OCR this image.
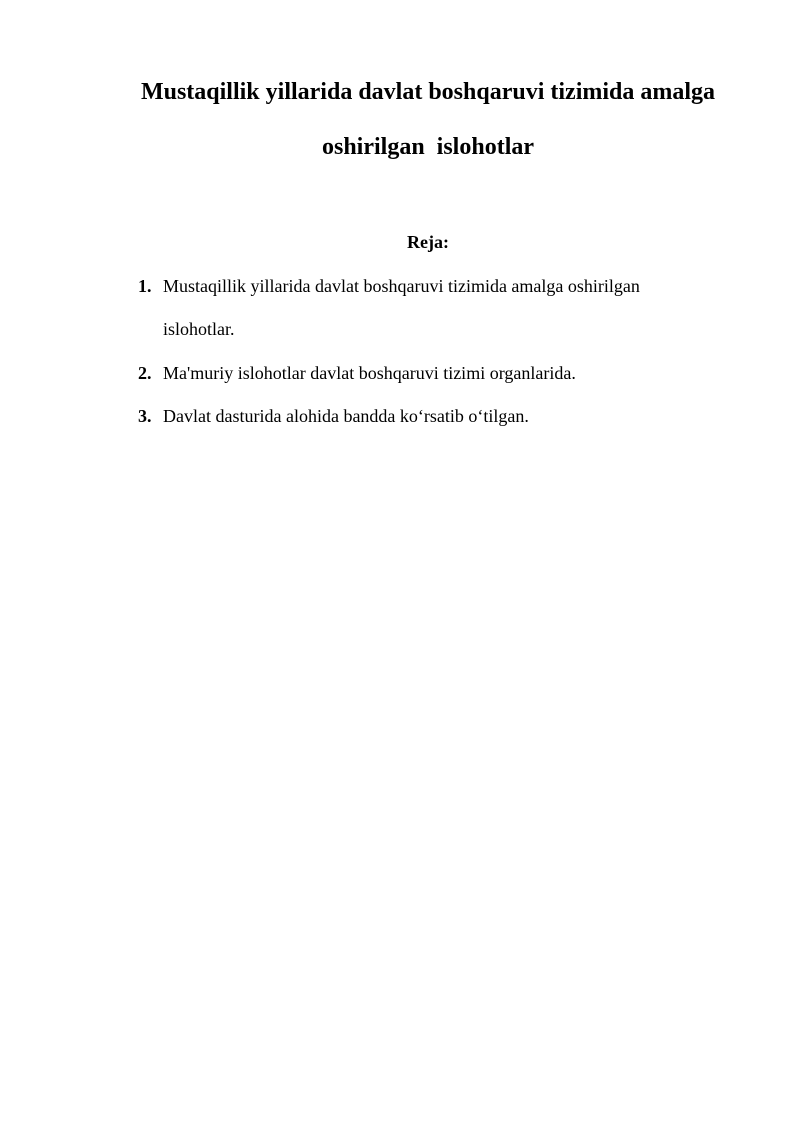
Mustaqillik yillarida davlat boshqaruvi tizimida amalga
oshirilgan  islohotlar
Reja:
1. Mustaqillik yillarida davlat boshqaruvi tizimida amalga oshirilgan
islohotlar.
2. Ma'muriy islohotlar davlat boshqaruvi tizimi organlarida.
3. Davlat dasturida alohida bandda ko‘rsatib o‘tilgan.
